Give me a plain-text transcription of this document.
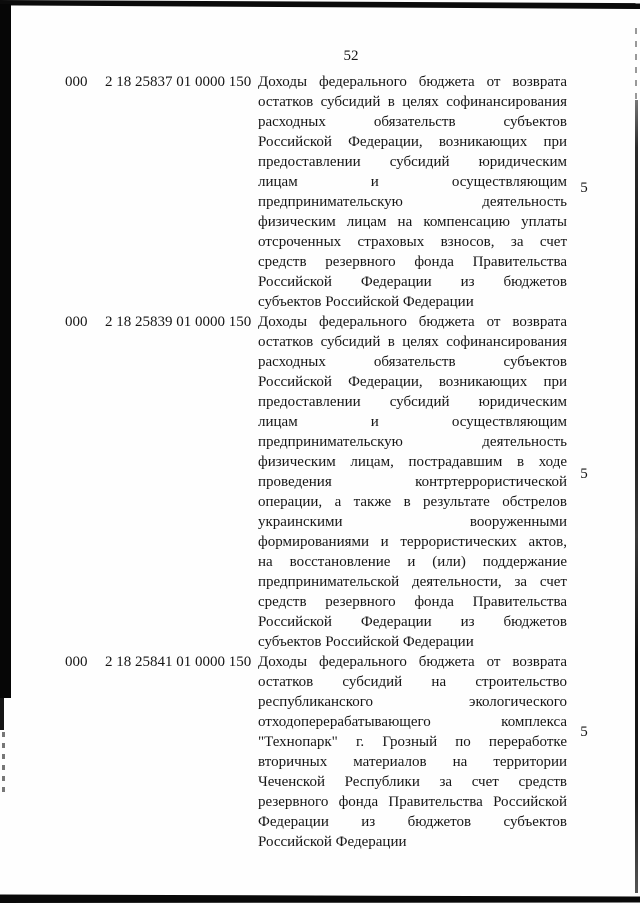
52
000 2 18 25837 01 0000 150 Доходы федерального бюджета от возврата
остатков субсидий в целях софинансирования
расходных обязательств субъектов
Российской Федерации, возникающих при
предоставлении субсидий юридическим
лицам и осуществляющим
предпринимательскую деятельность
физическим лицам на компенсацию уплаты
отсроченных страховых взносов, за счет
средств резервного фонда Правительства
Российской Федерации из бюджетов
субъектов Российской Федерации
000 2 18 25839 01 0000 150 Доходы федерального бюджета от возврата
остатков субсидий в целях софинансирования
расходных обязательств субъектов
Российской Федерации, возникающих при
предоставлении субсидий юридическим
лицам и осуществляющим
предпринимательскую деятельность
физическим лицам, пострадавшим в ходе
проведения контртеррористической
операции, а также в результате обстрелов
украинскими вооруженными
формированиями и террористических актов,
на восстановление и (или) поддержание
предпринимательской деятельности, за счет
средств резервного фонда Правительства
Российской Федерации из бюджетов
субъектов Российской Федерации
000 2 18 25841 01 0000 150 Доходы федерального бюджета от возврата
остатков субсидий на строительство
республиканского экологического
отходоперерабатывающего комплекса
"Технопарк" г. Грозный по переработке
вторичных материалов на территории
Чеченской Республики за счет средств
резервного фонда Правительства Российской
Федерации из бюджетов субъектов
Российской Федерации
5
5
5
